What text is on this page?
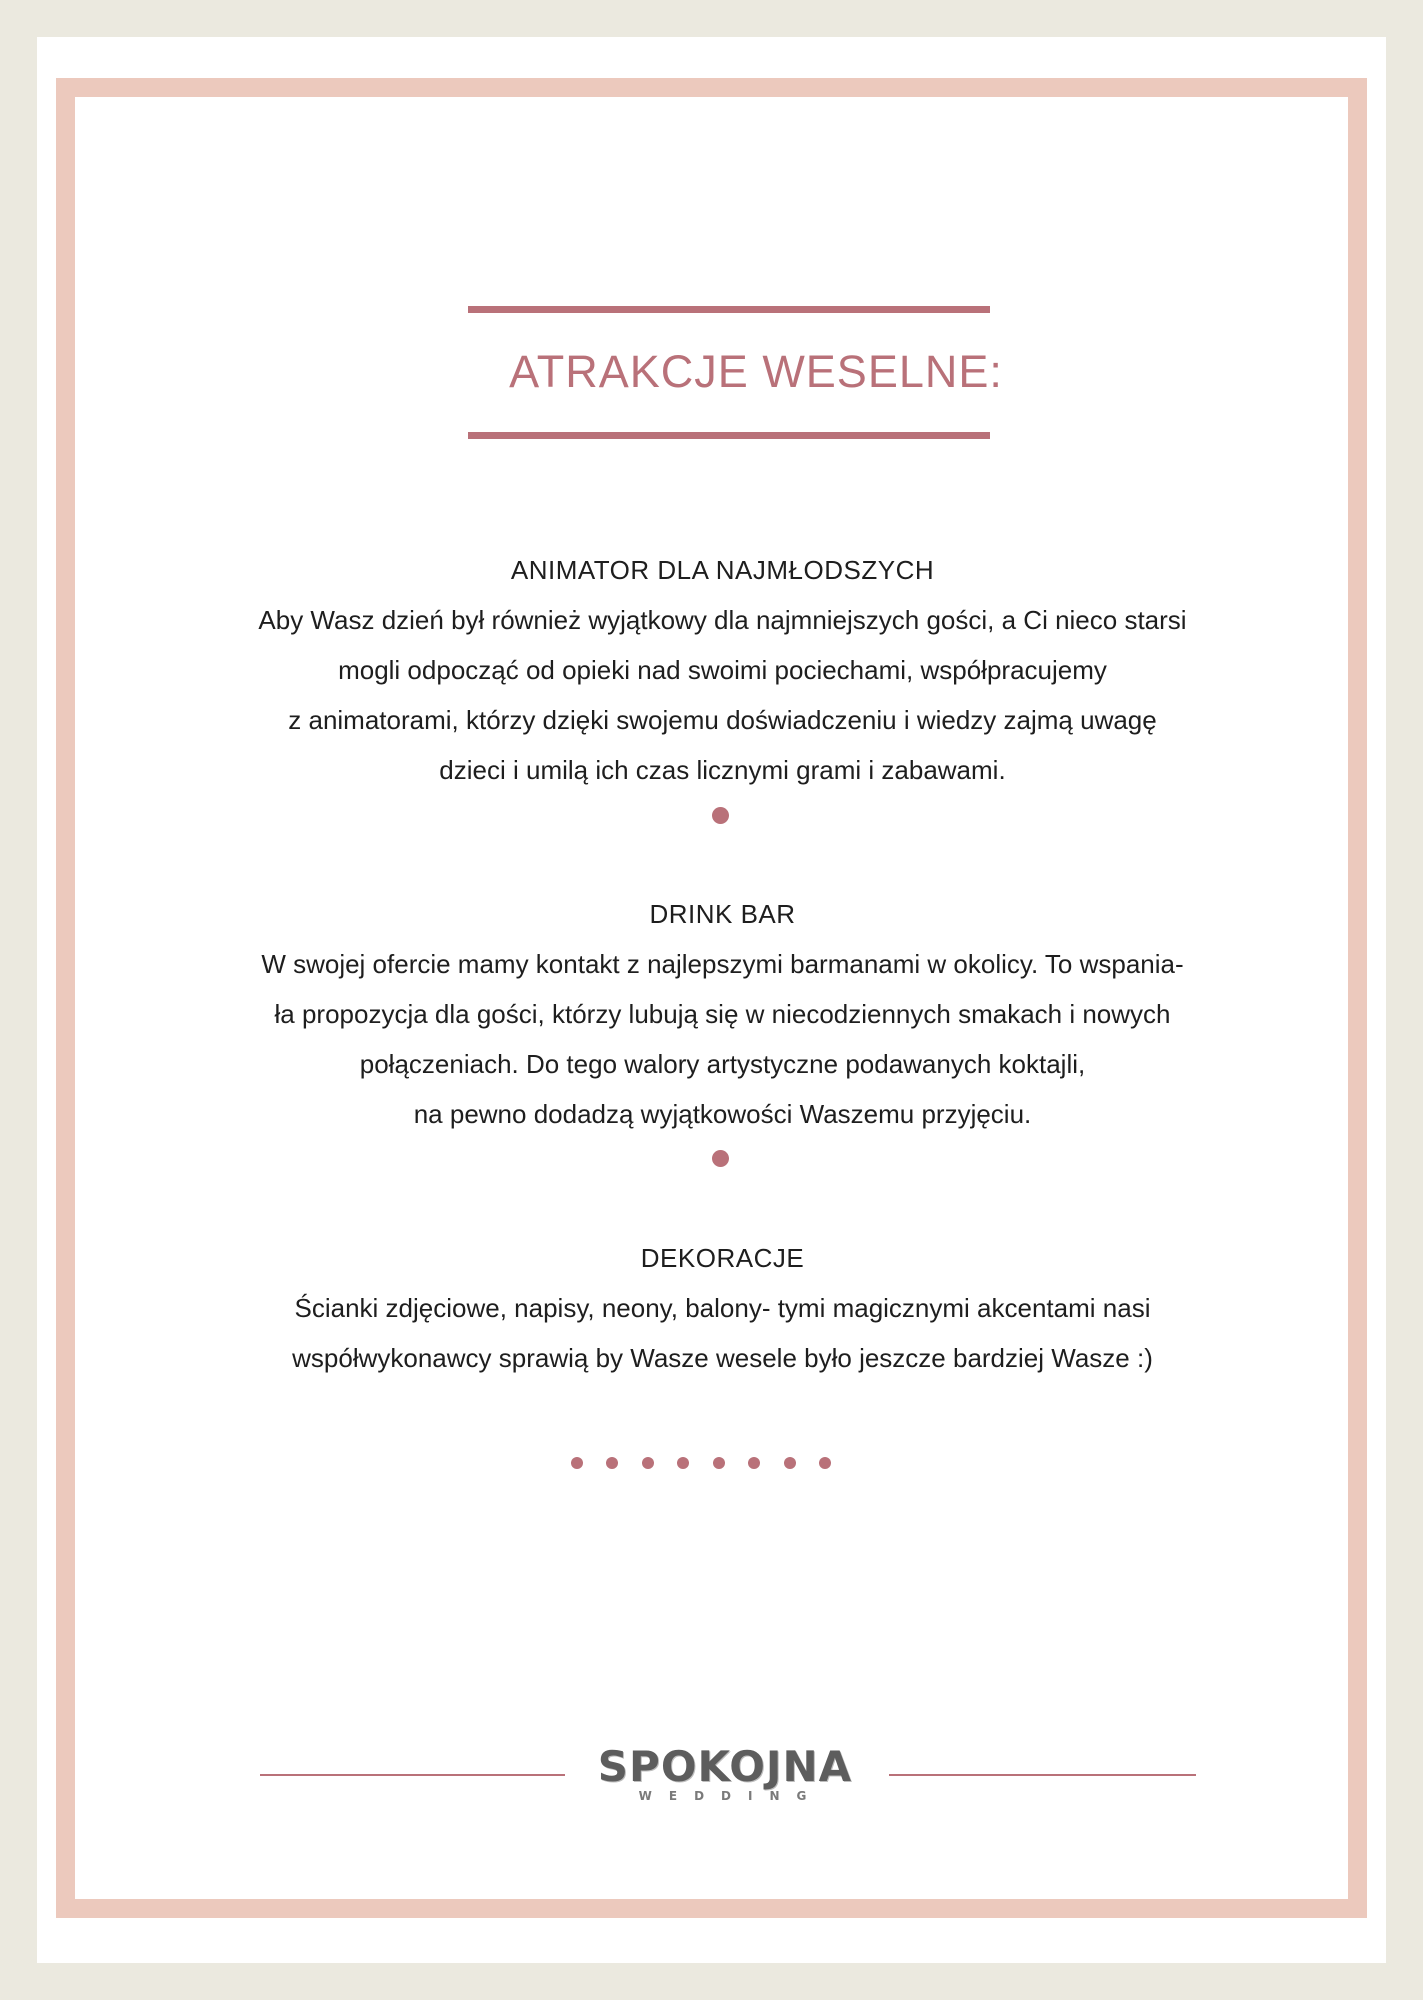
ATRAKCJE WESELNE:
ANIMATOR DLA NAJMŁODSZYCH
Aby Wasz dzień był również wyjątkowy dla najmniejszych gości, a Ci nieco starsi
mogli odpocząć od opieki nad swoimi pociechami, współpracujemy
z animatorami, którzy dzięki swojemu doświadczeniu i wiedzy zajmą uwagę
dzieci i umilą ich czas licznymi grami i zabawami.
DRINK BAR
W swojej ofercie mamy kontakt z najlepszymi barmanami w okolicy. To wspania-
ła propozycja dla gości, którzy lubują się w niecodziennych smakach i nowych
połączeniach. Do tego walory artystyczne podawanych koktajli,
na pewno dodadzą wyjątkowości Waszemu przyjęciu.
DEKORACJE
Ścianki zdjęciowe, napisy, neony, balony- tymi magicznymi akcentami nasi
współwykonawcy sprawią by Wasze wesele było jeszcze bardziej Wasze :)
SPOKOJNA
WEDDING
